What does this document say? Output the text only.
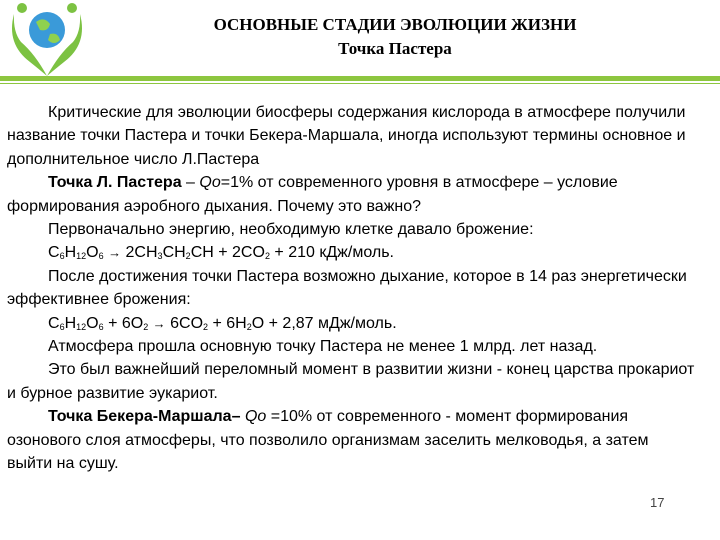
ОСНОВНЫЕ СТАДИИ ЭВОЛЮЦИИ ЖИЗНИ
Точка Пастера

Критические для эволюции биосферы содержания кислорода в атмосфере получили название точки Пастера и точки Бекера-Маршала, иногда используют термины основное и дополнительное число Л.Пастера

Точка Л. Пастера – Qo=1% от современного уровня в атмосфере – условие формирования аэробного дыхания. Почему это важно?

Первоначально энергию, необходимую клетке давало брожение:

$C_6H_{12}O_6 \to 2CH_3CH_2CH + 2CO_2 + 210$ кДж/моль.

После достижения точки Пастера возможно дыхание, которое в 14 раз энергетически эффективнее брожения:

$C_6H_{12}O_6 + 6O_2 \to 6CO_2 + 6H_2O + 2,87$ мДж/моль.

Атмосфера прошла основную точку Пастера не менее 1 млрд. лет назад.

Это был важнейший переломный момент в развитии жизни - конец царства прокариот и бурное развитие эукариот.

Точка Бекера-Маршала– Qo =10% от современного - момент формирования озонового слоя атмосферы, что позволило организмам заселить мелководья, а затем выйти на сушу.

17
